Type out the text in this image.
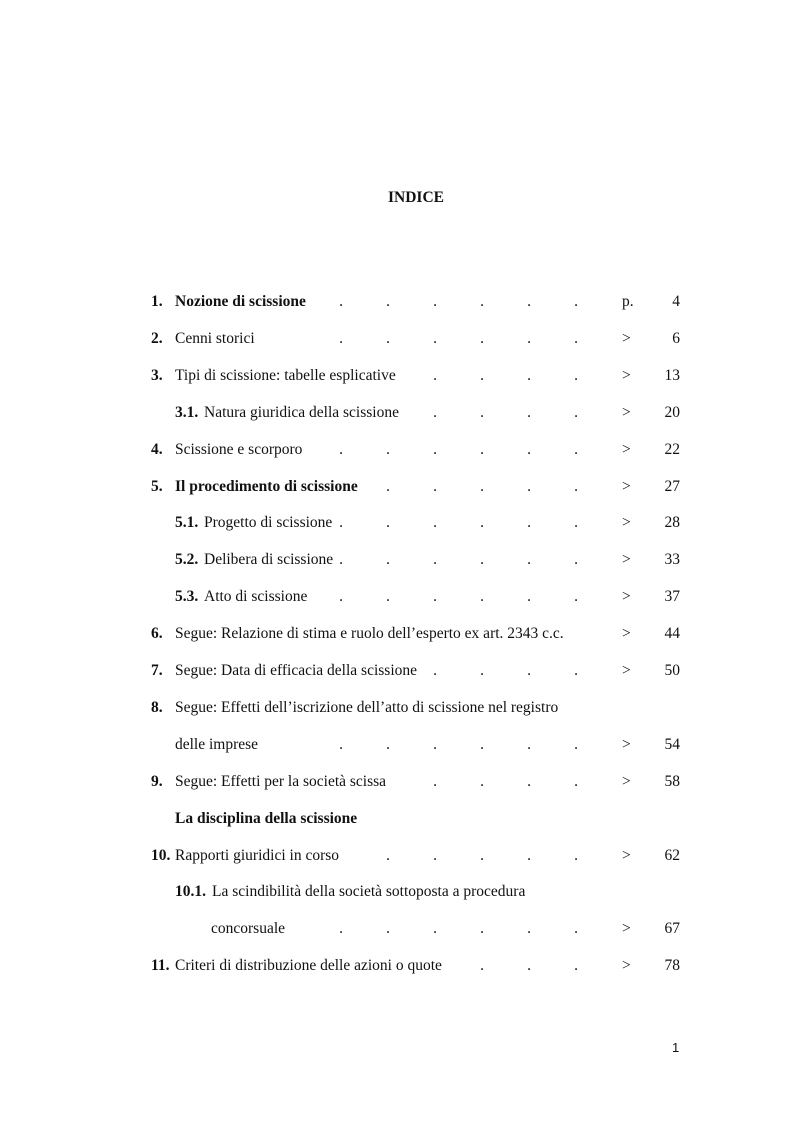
INDICE
1. Nozione di scissione .	.	.	.	.	.	p. 4
2. Cenni storici	.	.	.	.	.	.	>	6
3. Tipi di scissione: tabelle esplicative .	.	.	.	> 13
3.1. Natura giuridica della scissione .	.	.	.	> 20
4. Scissione e scorporo .	.	.	.	.	.	> 22
5. Il procedimento di scissione .	.	.	.	.	> 27
5.1. Progetto di scissione .	.	.	.	.	.	> 28
5.2. Delibera di scissione .	.	.	.	.	.	> 33
5.3. Atto di scissione .	.	.	.	.	.	> 37
6. Segue: Relazione di stima e ruolo dell’esperto ex art. 2343 c.c.	> 44
7. Segue: Data di efficacia della scissione .	.	.	.	> 50
8. Segue: Effetti dell’iscrizione dell’atto di scissione nel registro
delle imprese	.	.	.	.	.	.	> 54
9. Segue: Effetti per la società scissa	.	.	.	.	> 58
La disciplina della scissione
10. Rapporti giuridici in corso	.	.	.	.	.	> 62
10.1. La scindibilità della società sottoposta a procedura
concorsuale	.	.	.	.	.	.	> 67
11. Criteri di distribuzione delle azioni o quote .	.	.	> 78
1
